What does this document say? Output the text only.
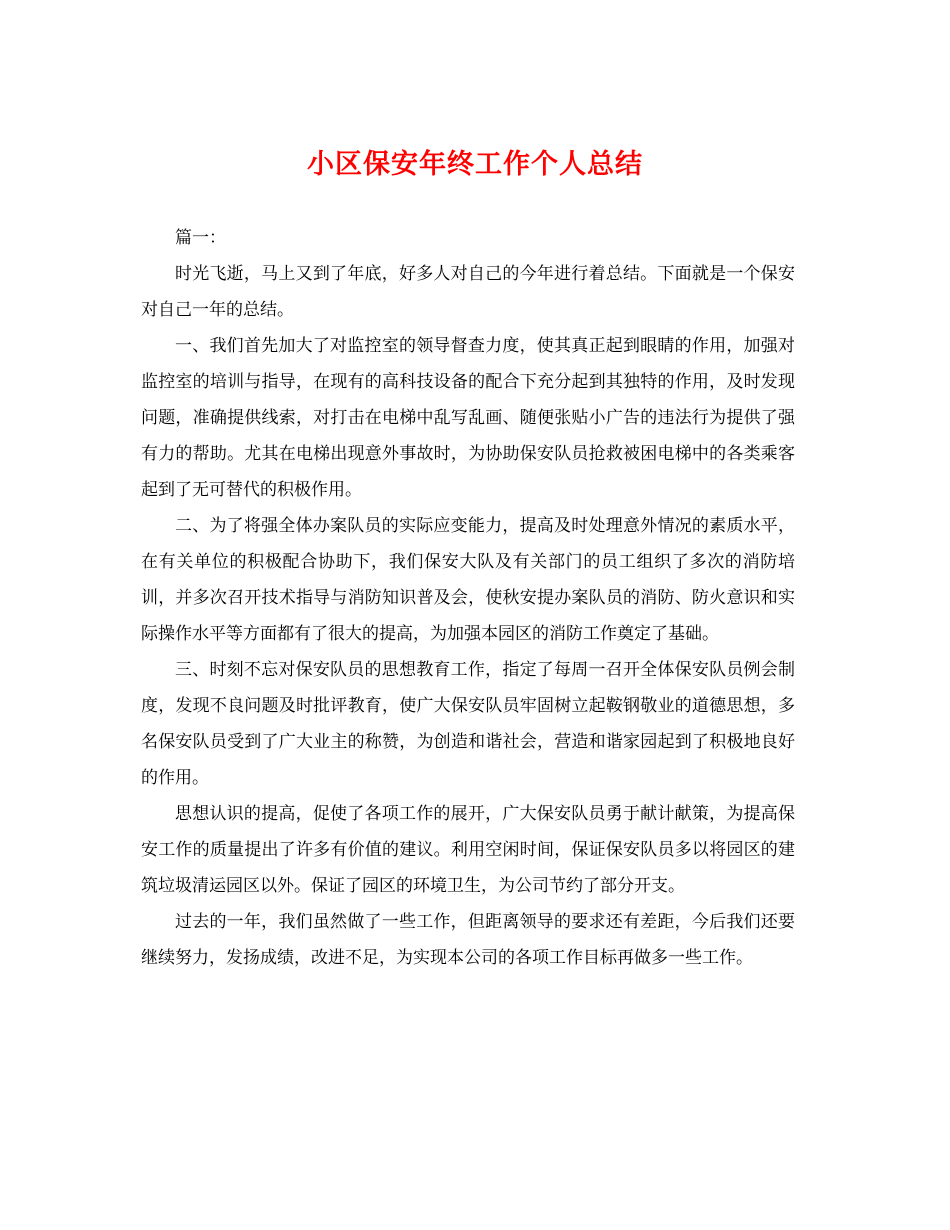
小区保安年终工作个人总结

篇一：

时光飞逝，马上又到了年底，好多人对自己的今年进行着总结。下面就是一个保安对自己一年的总结。

一、我们首先加大了对监控室的领导督查力度，使其真正起到眼睛的作用，加强对监控室的培训与指导，在现有的高科技设备的配合下充分起到其独特的作用，及时发现问题，准确提供线索，对打击在电梯中乱写乱画、随便张贴小广告的违法行为提供了强有力的帮助。尤其在电梯出现意外事故时，为协助保安队员抢救被困电梯中的各类乘客起到了无可替代的积极作用。

二、为了将强全体办案队员的实际应变能力，提高及时处理意外情况的素质水平，在有关单位的积极配合协助下，我们保安大队及有关部门的员工组织了多次的消防培训，并多次召开技术指导与消防知识普及会，使秋安提办案队员的消防、防火意识和实际操作水平等方面都有了很大的提高，为加强本园区的消防工作奠定了基础。

三、时刻不忘对保安队员的思想教育工作，指定了每周一召开全体保安队员例会制度，发现不良问题及时批评教育，使广大保安队员牢固树立起鞍钢敬业的道德思想，多名保安队员受到了广大业主的称赞，为创造和谐社会，营造和谐家园起到了积极地良好的作用。

思想认识的提高，促使了各项工作的展开，广大保安队员勇于献计献策，为提高保安工作的质量提出了许多有价值的建议。利用空闲时间，保证保安队员多以将园区的建筑垃圾清运园区以外。保证了园区的环境卫生，为公司节约了部分开支。

过去的一年，我们虽然做了一些工作，但距离领导的要求还有差距，今后我们还要继续努力，发扬成绩，改进不足，为实现本公司的各项工作目标再做多一些工作。
